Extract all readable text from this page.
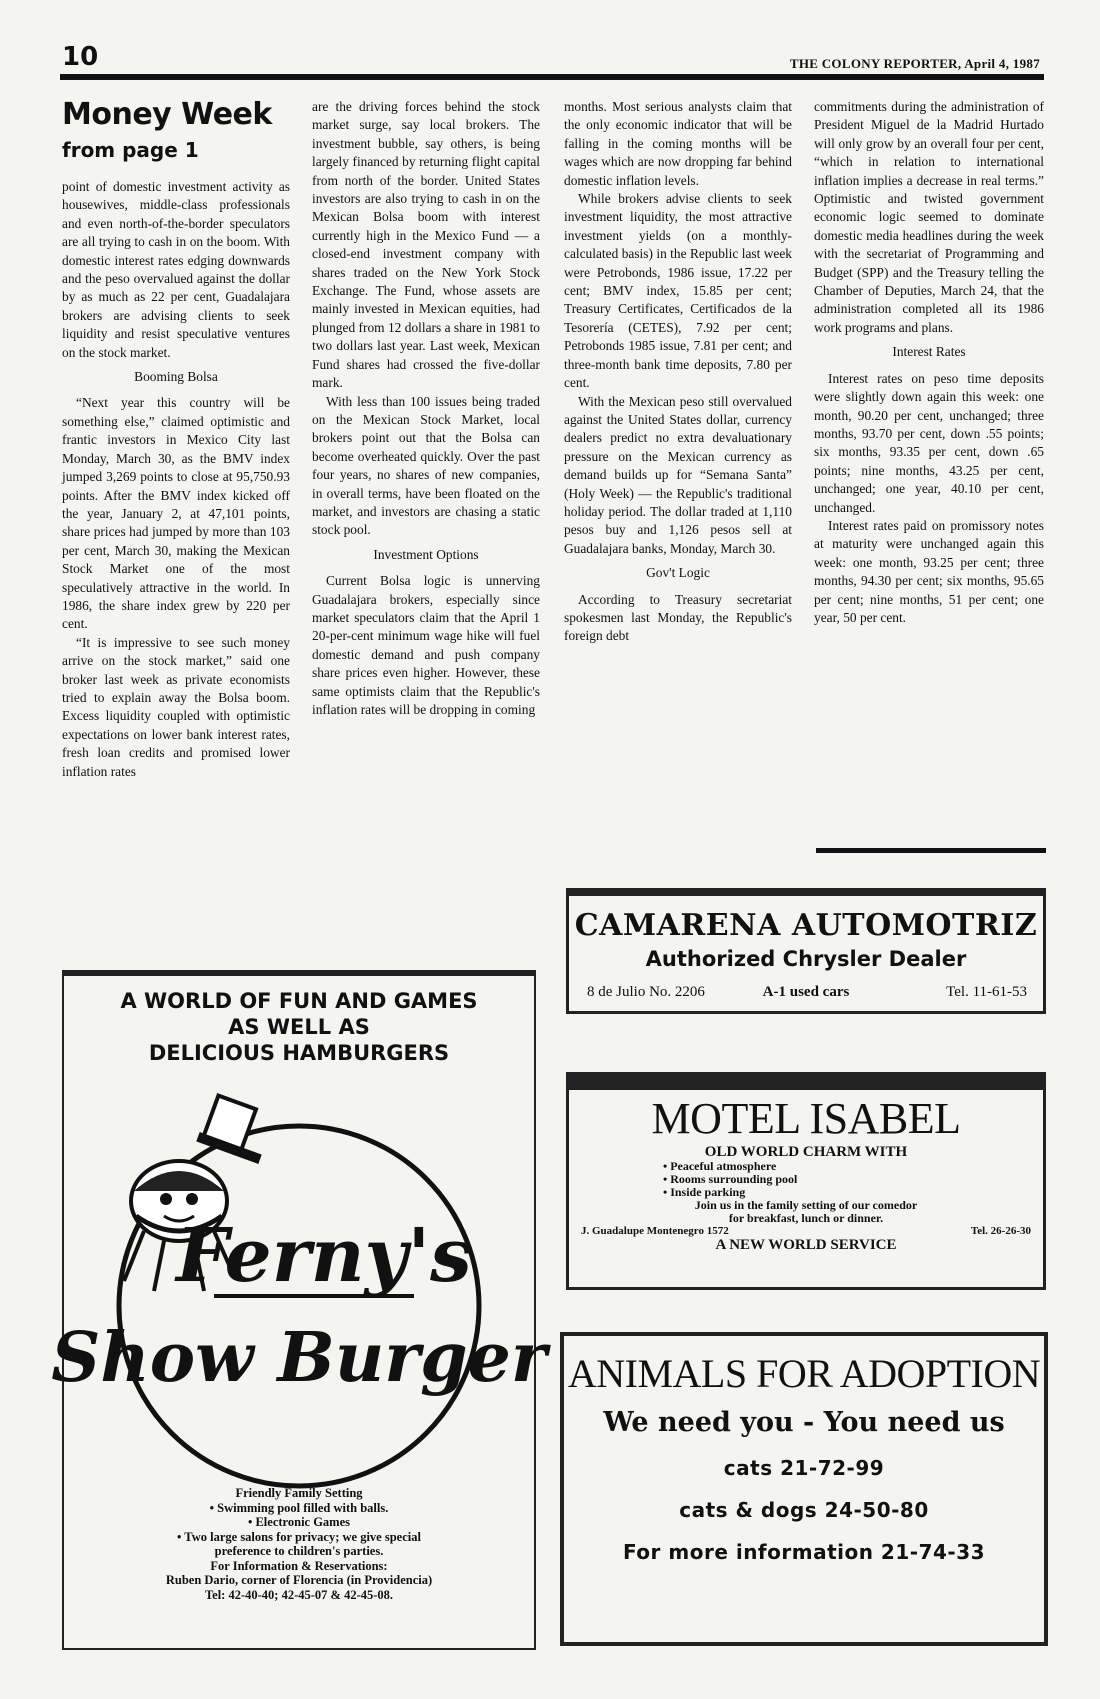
10	THE COLONY REPORTER, April 4, 1987
Money Week
from page 1

point of domestic investment activity as housewives, middle-class professionals and even north-of-the-border speculators are all trying to cash in on the boom. With domestic interest rates edging downwards and the peso overvalued against the dollar by as much as 22 per cent, Guadalajara brokers are advising clients to seek liquidity and resist speculative ventures on the stock market.

Booming Bolsa

“Next year this country will be something else,” claimed optimistic and frantic investors in Mexico City last Monday, March 30, as the BMV index jumped 3,269 points to close at 95,750.93 points. After the BMV index kicked off the year, January 2, at 47,101 points, share prices had jumped by more than 103 per cent, March 30, making the Mexican Stock Market one of the most speculatively attractive in the world. In 1986, the share index grew by 220 per cent.

“It is impressive to see such money arrive on the stock market,” said one broker last week as private economists tried to explain away the Bolsa boom. Excess liquidity coupled with optimistic expectations on lower bank interest rates, fresh loan credits and promised lower inflation rates

are the driving forces behind the stock market surge, say local brokers. The investment bubble, say others, is being largely financed by returning flight capital from north of the border. United States investors are also trying to cash in on the Mexican Bolsa boom with interest currently high in the Mexico Fund — a closed-end investment company with shares traded on the New York Stock Exchange. The Fund, whose assets are mainly invested in Mexican equities, had plunged from 12 dollars a share in 1981 to two dollars last year. Last week, Mexican Fund shares had crossed the five-dollar mark.

With less than 100 issues being traded on the Mexican Stock Market, local brokers point out that the Bolsa can become overheated quickly. Over the past four years, no shares of new companies, in overall terms, have been floated on the market, and investors are chasing a static stock pool.

Investment Options

Current Bolsa logic is unnerving Guadalajara brokers, especially since market speculators claim that the April 1 20-per-cent minimum wage hike will fuel domestic demand and push company share prices even higher. However, these same optimists claim that the Republic's inflation rates will be dropping in coming

months. Most serious analysts claim that the only economic indicator that will be falling in the coming months will be wages which are now dropping far behind domestic inflation levels.

While brokers advise clients to seek investment liquidity, the most attractive investment yields (on a monthly-calculated basis) in the Republic last week were Petrobonds, 1986 issue, 17.22 per cent; BMV index, 15.85 per cent; Treasury Certificates, Certificados de la Tesorería (CETES), 7.92 per cent; Petrobonds 1985 issue, 7.81 per cent; and three-month bank time deposits, 7.80 per cent.

With the Mexican peso still overvalued against the United States dollar, currency dealers predict no extra devaluationary pressure on the Mexican currency as demand builds up for “Semana Santa” (Holy Week) — the Republic's traditional holiday period. The dollar traded at 1,110 pesos buy and 1,126 pesos sell at Guadalajara banks, Monday, March 30.

Gov't Logic

According to Treasury secretariat spokesmen last Monday, the Republic's foreign debt

commitments during the administration of President Miguel de la Madrid Hurtado will only grow by an overall four per cent, “which in relation to international inflation implies a decrease in real terms.” Optimistic and twisted government economic logic seemed to dominate domestic media headlines during the week with the secretariat of Programming and Budget (SPP) and the Treasury telling the Chamber of Deputies, March 24, that the administration completed all its 1986 work programs and plans.

Interest Rates

Interest rates on peso time deposits were slightly down again this week: one month, 90.20 per cent, unchanged; three months, 93.70 per cent, down .55 points; six months, 93.35 per cent, down .65 points; nine months, 43.25 per cent, unchanged; one year, 40.10 per cent, unchanged.

Interest rates paid on promissory notes at maturity were unchanged again this week: one month, 93.25 per cent; three months, 94.30 per cent; six months, 95.65 per cent; nine months, 51 per cent; one year, 50 per cent.

A WORLD OF FUN AND GAMES
AS WELL AS
DELICIOUS HAMBURGERS
Ferny's
Show Burger
Friendly Family Setting
• Swimming pool filled with balls.
• Electronic Games
• Two large salons for privacy; we give special
preference to children's parties.
For Information & Reservations:
Ruben Dario, corner of Florencia (in Providencia)
Tel: 42-40-40; 42-45-07 & 42-45-08.
CAMARENA AUTOMOTRIZ
Authorized Chrysler Dealer
A-1 used cars
8 de Julio No. 2206	Tel. 11-61-53
MOTEL ISABEL
OLD WORLD CHARM WITH
• Peaceful atmosphere
• Rooms surrounding pool
• Inside parking
Join us in the family setting of our comedor
for breakfast, lunch or dinner.
J. Guadalupe Montenegro 1572	Tel. 26-26-30
A NEW WORLD SERVICE
ANIMALS FOR ADOPTION
We need you - You need us
cats 21-72-99
cats & dogs 24-50-80
For more information 21-74-33
